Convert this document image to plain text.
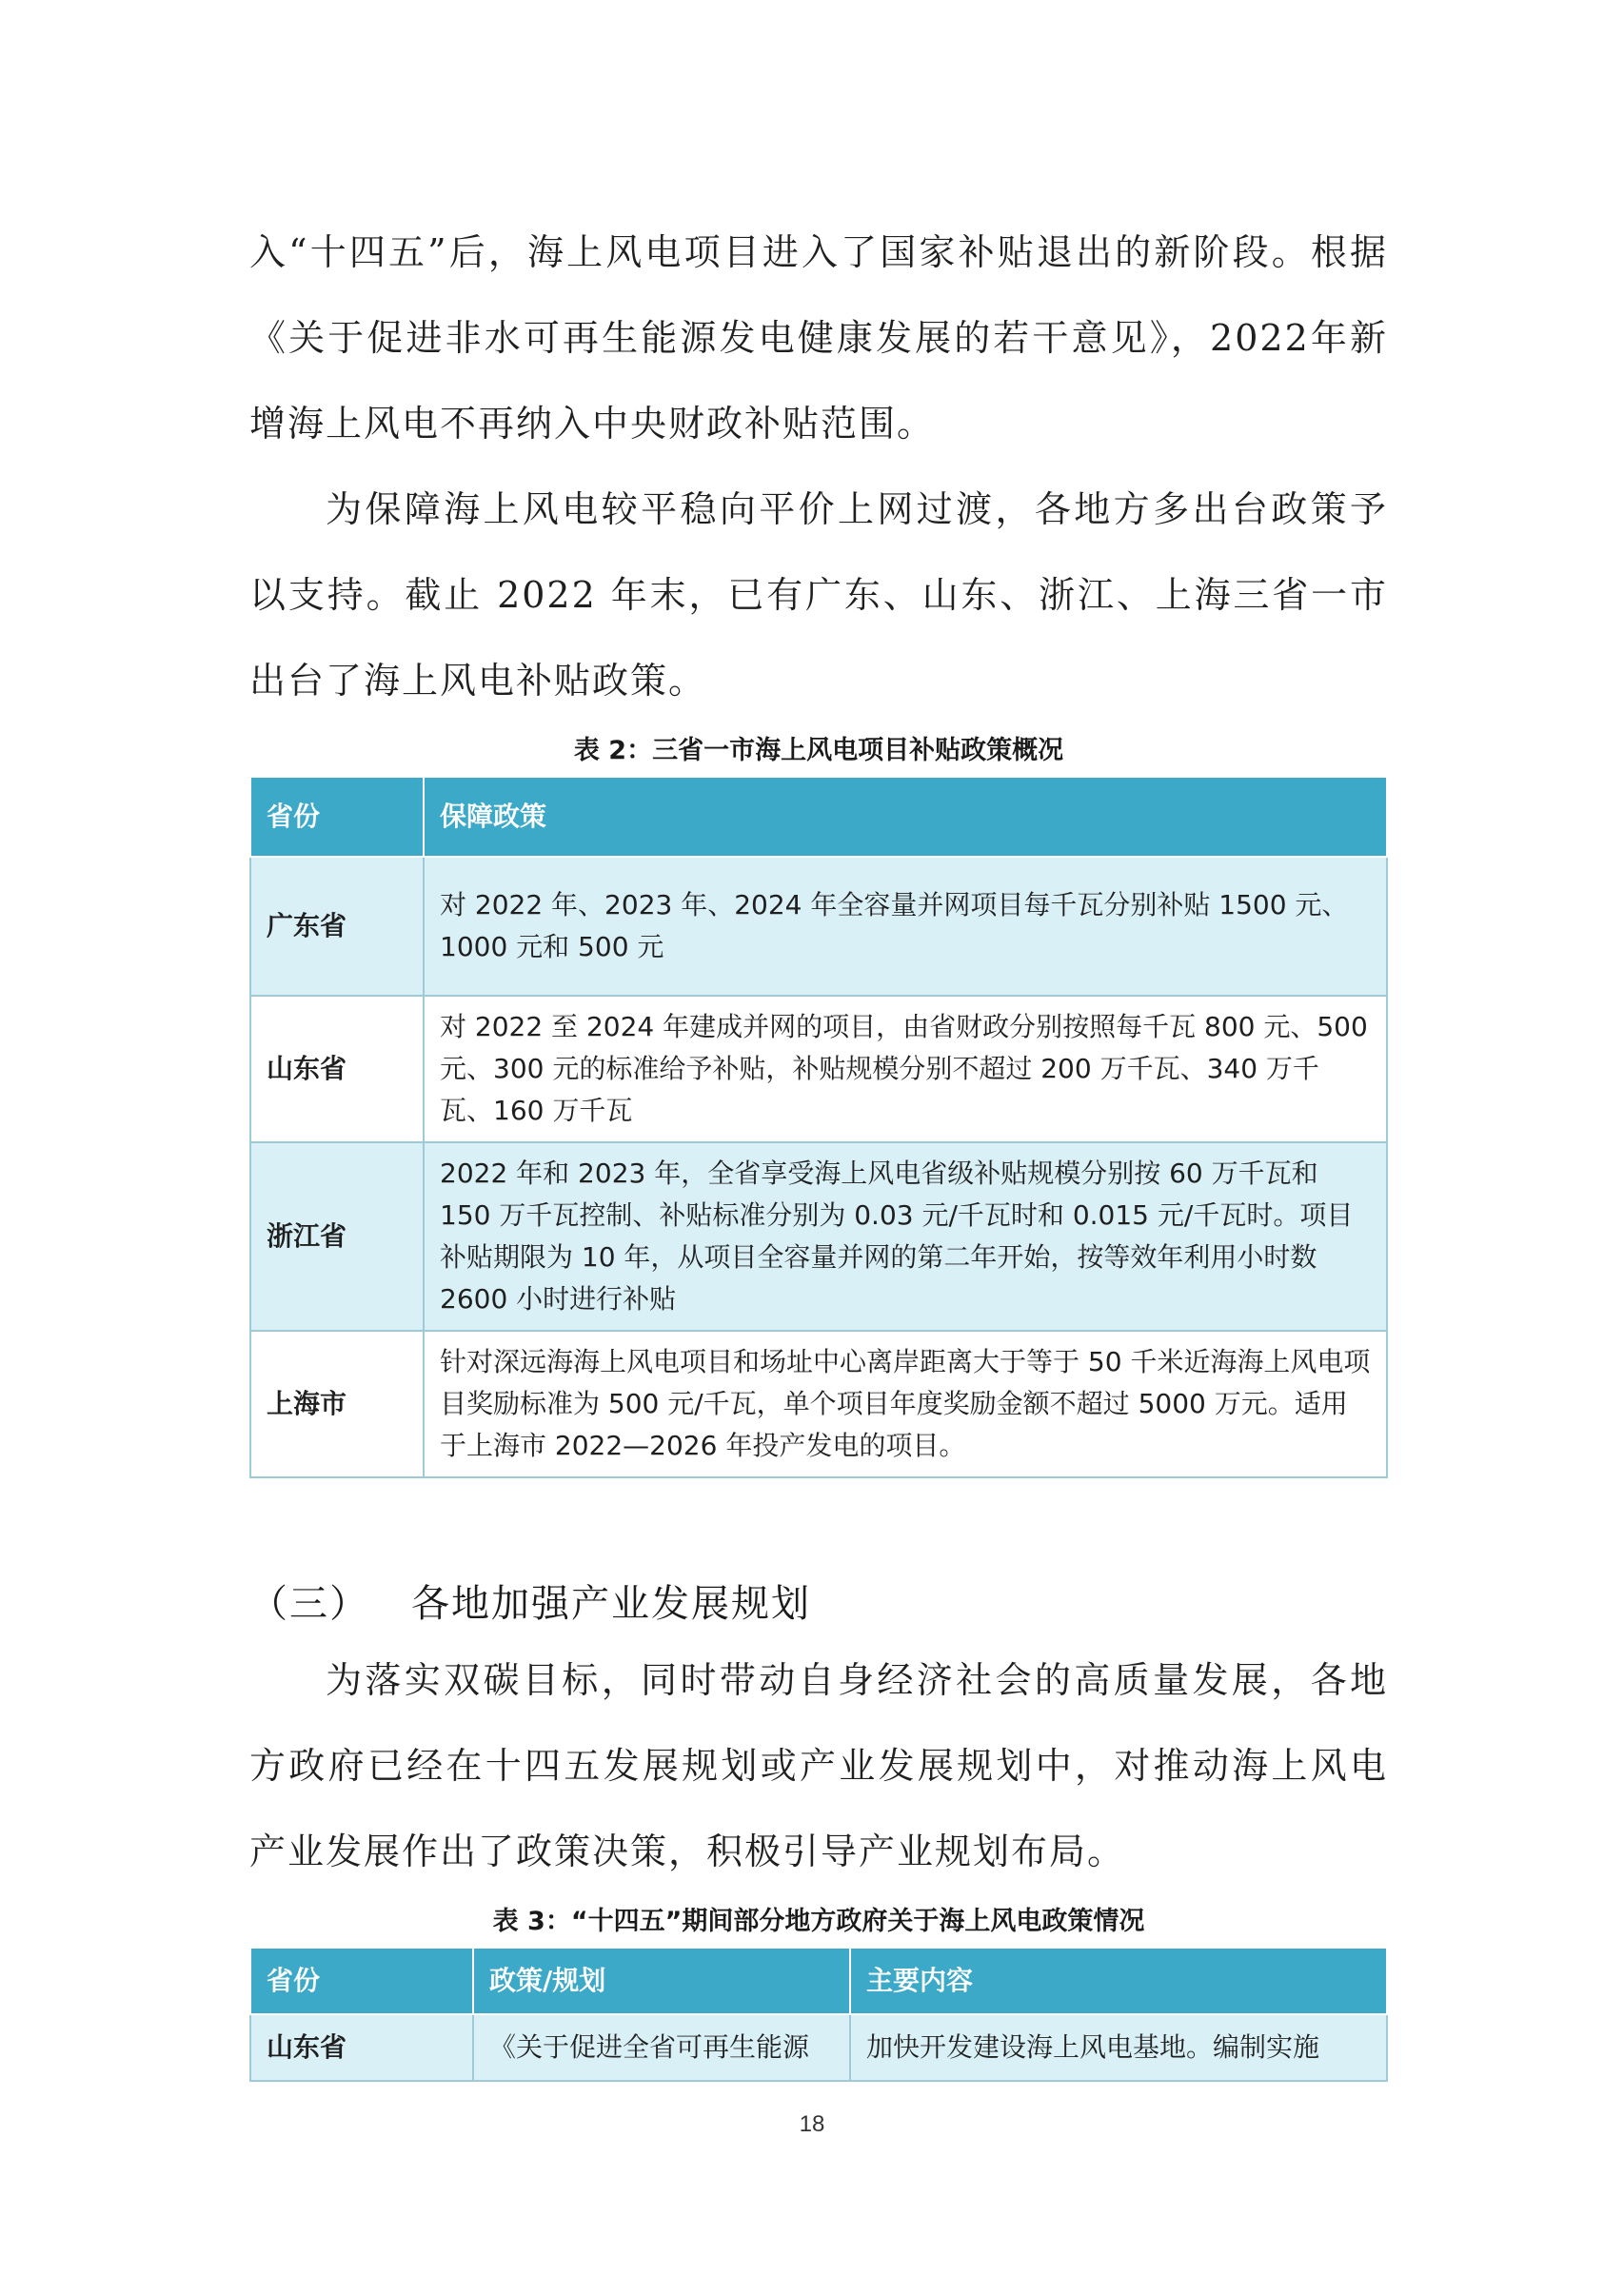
入“十四五”后，海上风电项目进入了国家补贴退出的新阶段。根据《关于促进非水可再生能源发电健康发展的若干意见》，2022年新增海上风电不再纳入中央财政补贴范围。

为保障海上风电较平稳向平价上网过渡，各地方多出台政策予以支持。截止 2022 年末，已有广东、山东、浙江、上海三省一市出台了海上风电补贴政策。

表 2：三省一市海上风电项目补贴政策概况
省份	保障政策
广东省	对 2022 年、2023 年、2024 年全容量并网项目每千瓦分别补贴 1500 元、1000 元和 500 元
山东省	对 2022 至 2024 年建成并网的项目，由省财政分别按照每千瓦 800 元、500 元、300 元的标准给予补贴，补贴规模分别不超过 200 万千瓦、340 万千瓦、160 万千瓦
浙江省	2022 年和 2023 年，全省享受海上风电省级补贴规模分别按 60 万千瓦和 150 万千瓦控制、补贴标准分别为 0.03 元/千瓦时和 0.015 元/千瓦时。项目补贴期限为 10 年，从项目全容量并网的第二年开始，按等效年利用小时数 2600 小时进行补贴
上海市	针对深远海海上风电项目和场址中心离岸距离大于等于 50 千米近海海上风电项目奖励标准为 500 元/千瓦，单个项目年度奖励金额不超过 5000 万元。适用于上海市 2022—2026 年投产发电的项目。
（三） 各地加强产业发展规划

为落实双碳目标，同时带动自身经济社会的高质量发展，各地方政府已经在十四五发展规划或产业发展规划中，对推动海上风电产业发展作出了政策决策，积极引导产业规划布局。

表 3：“十四五”期间部分地方政府关于海上风电政策情况
省份	政策/规划	主要内容
山东省	《关于促进全省可再生能源	加快开发建设海上风电基地。编制实施
18
